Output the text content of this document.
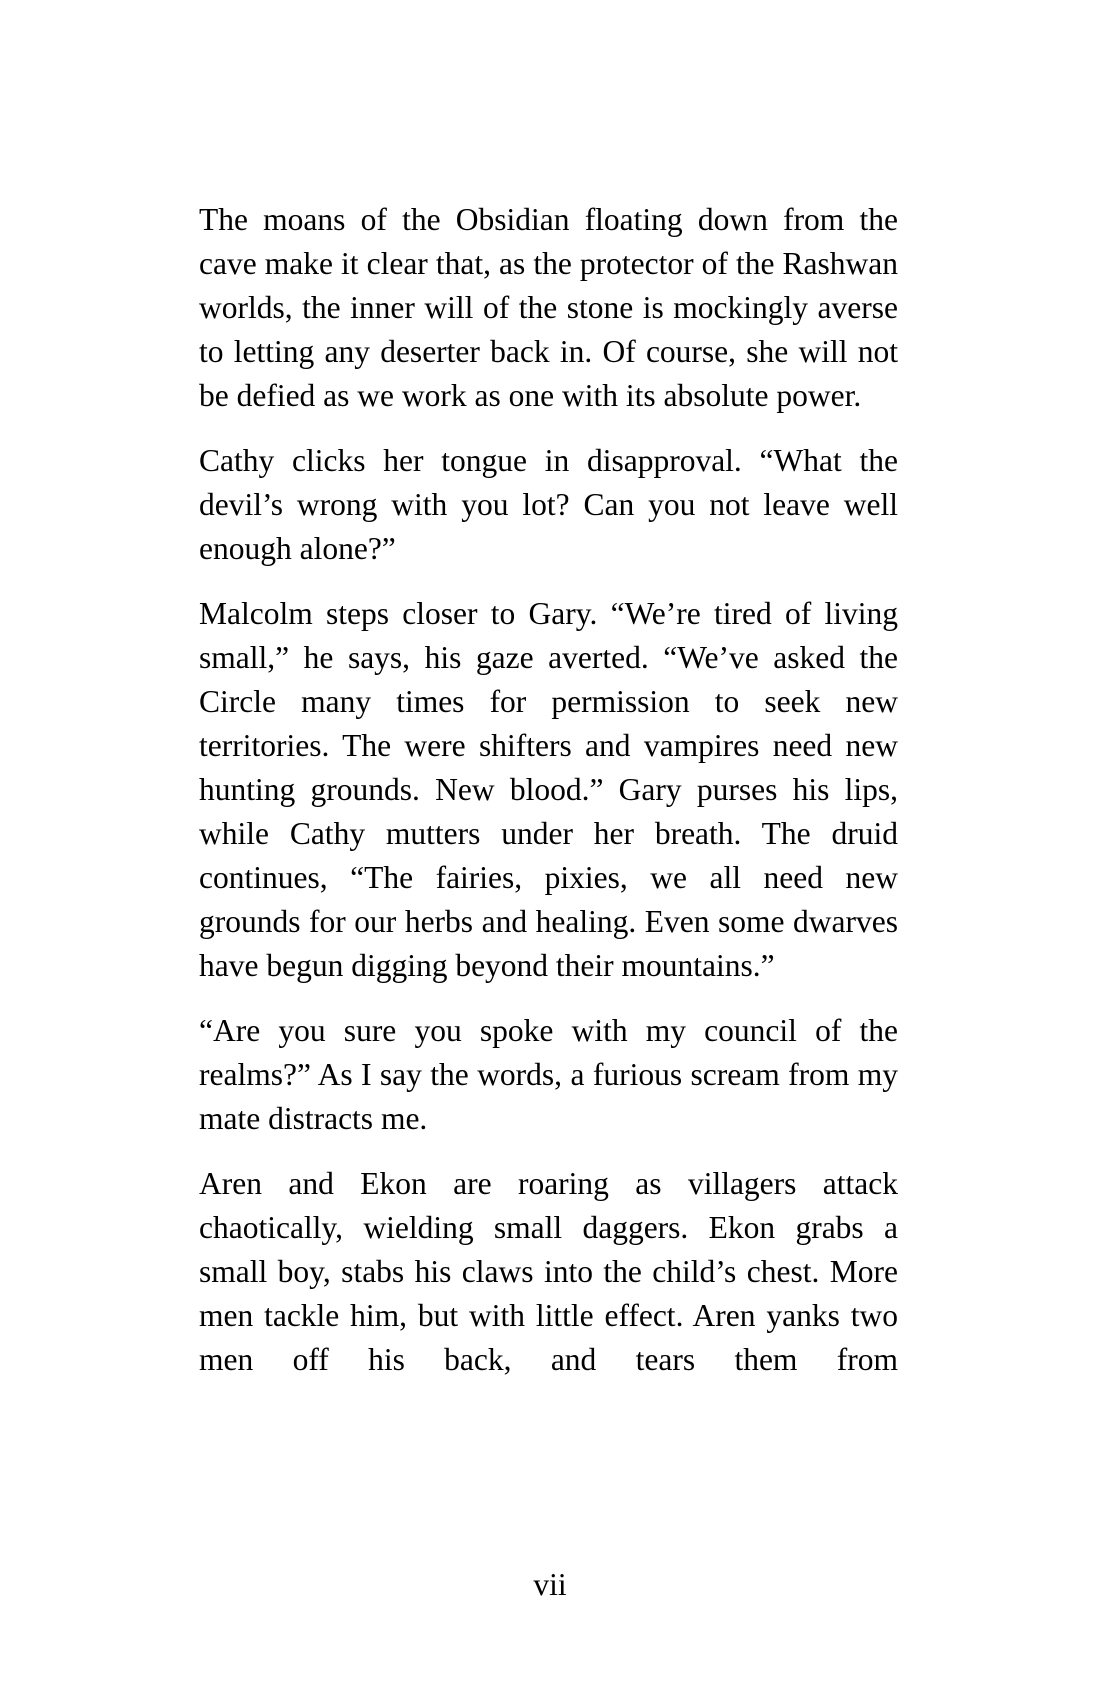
The moans of the Obsidian floating down from the cave make it clear that, as the protector of the Rashwan worlds, the inner will of the stone is mockingly averse to letting any deserter back in. Of course, she will not be defied as we work as one with its absolute power.

Cathy clicks her tongue in disapproval. “What the devil’s wrong with you lot? Can you not leave well enough alone?”

Malcolm steps closer to Gary. “We’re tired of living small,” he says, his gaze averted. “We’ve asked the Circle many times for permission to seek new territories. The were shifters and vampires need new hunting grounds. New blood.” Gary purses his lips, while Cathy mutters under her breath. The druid continues, “The fairies, pixies, we all need new grounds for our herbs and healing. Even some dwarves have begun digging beyond their mountains.”

“Are you sure you spoke with my council of the realms?” As I say the words, a furious scream from my mate distracts me.

Aren and Ekon are roaring as villagers attack chaotically, wielding small daggers. Ekon grabs a small boy, stabs his claws into the child’s chest. More men tackle him, but with little effect. Aren yanks two men off his back, and tears them from

vii
